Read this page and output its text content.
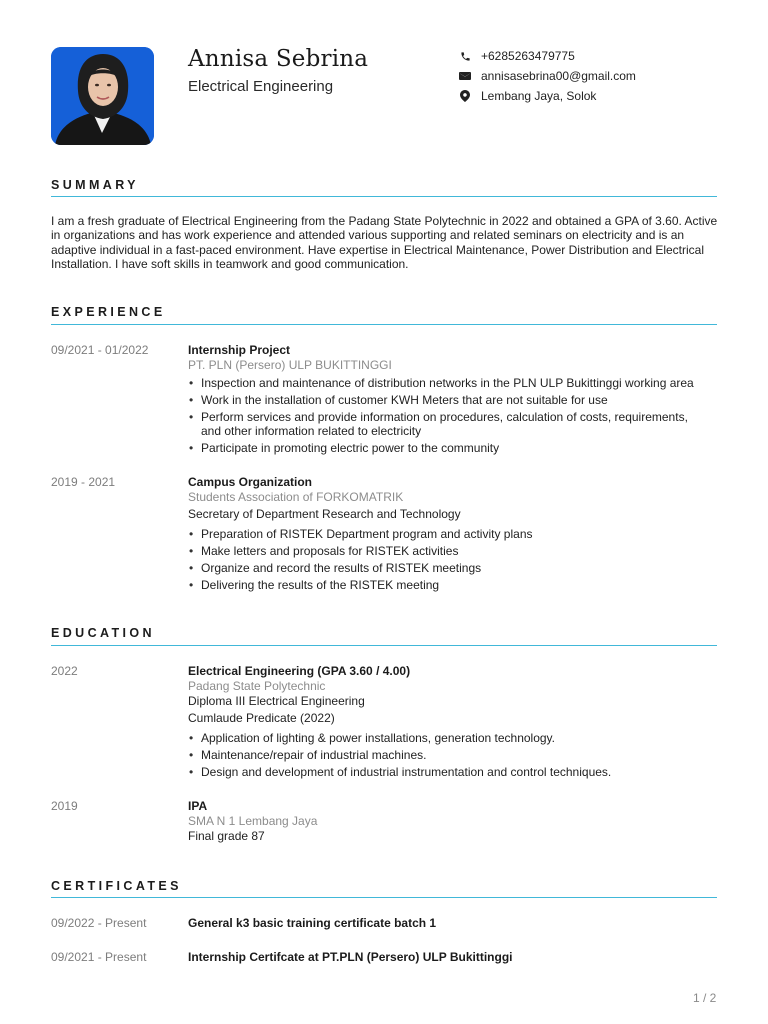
Annisa Sebrina
Electrical Engineering
+6285263479775
annisasebrina00@gmail.com
Lembang Jaya, Solok
SUMMARY
I am a fresh graduate of Electrical Engineering from the Padang State Polytechnic in 2022 and obtained a GPA of 3.60. Active
in organizations and has work experience and attended various supporting and related seminars on electricity and is an
adaptive individual in a fast-paced environment. Have expertise in Electrical Maintenance, Power Distribution and Electrical
Installation. I have soft skills in teamwork and good communication.
EXPERIENCE
09/2021 - 01/2022	Internship Project
PT. PLN (Persero) ULP BUKITTINGGI
• Inspection and maintenance of distribution networks in the PLN ULP Bukittinggi working area
• Work in the installation of customer KWH Meters that are not suitable for use
• Perform services and provide information on procedures, calculation of costs, requirements, and other information related to electricity
• Participate in promoting electric power to the community
2019 - 2021	Campus Organization
Students Association of FORKOMATRIK
Secretary of Department Research and Technology
• Preparation of RISTEK Department program and activity plans
• Make letters and proposals for RISTEK activities
• Organize and record the results of RISTEK meetings
• Delivering the results of the RISTEK meeting
EDUCATION
2022	Electrical Engineering (GPA 3.60 / 4.00)
Padang State Polytechnic
Diploma III Electrical Engineering
Cumlaude Predicate (2022)
• Application of lighting & power installations, generation technology.
• Maintenance/repair of industrial machines.
• Design and development of industrial instrumentation and control techniques.
2019	IPA
SMA N 1 Lembang Jaya
Final grade 87
CERTIFICATES
09/2022 - Present	General k3 basic training certificate batch 1
09/2021 - Present	Internship Certifcate at PT.PLN (Persero) ULP Bukittinggi
1 / 2
